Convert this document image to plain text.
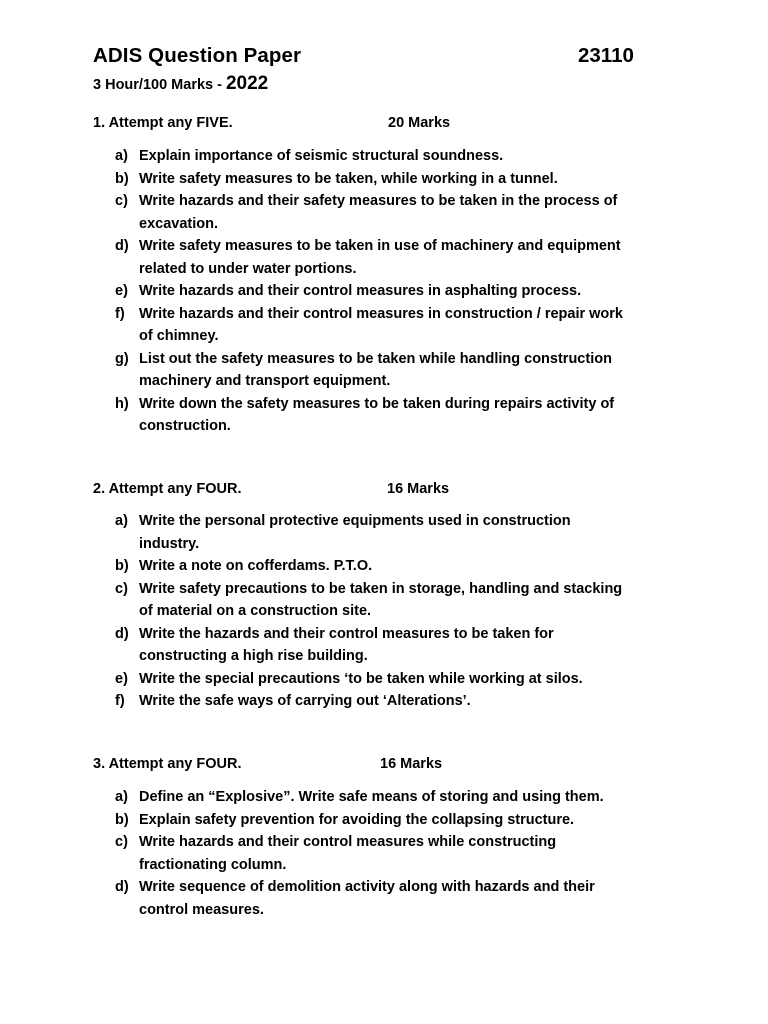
ADIS Question Paper	23110
3 Hour/100 Marks - 2022
1. Attempt any FIVE.	20 Marks
a) Explain importance of seismic structural soundness.
b) Write safety measures to be taken, while working in a tunnel.
c) Write hazards and their safety measures to be taken in the process of
excavation.
d) Write safety measures to be taken in use of machinery and equipment
related to under water portions.
e) Write hazards and their control measures in asphalting process.
f) Write hazards and their control measures in construction / repair work
of chimney.
g) List out the safety measures to be taken while handling construction
machinery and transport equipment.
h) Write down the safety measures to be taken during repairs activity of
construction.
2. Attempt any FOUR.	16 Marks
a) Write the personal protective equipments used in construction
industry.
b) Write a note on cofferdams. P.T.O.
c) Write safety precautions to be taken in storage, handling and stacking
of material on a construction site.
d) Write the hazards and their control measures to be taken for
constructing a high rise building.
e) Write the special precautions ‘to be taken while working at silos.
f) Write the safe ways of carrying out ‘Alterations’.
3. Attempt any FOUR.	16 Marks
a) Define an “Explosive”. Write safe means of storing and using them.
b) Explain safety prevention for avoiding the collapsing structure.
c) Write hazards and their control measures while constructing
fractionating column.
d) Write sequence of demolition activity along with hazards and their
control measures.
